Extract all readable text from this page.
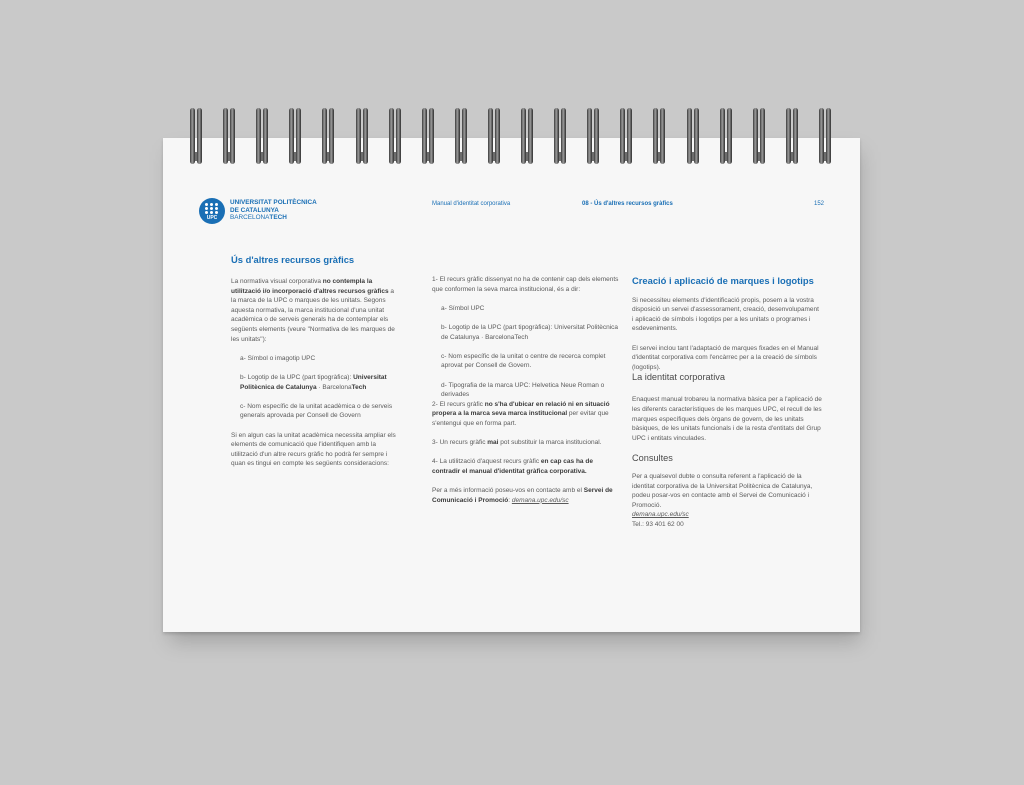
UPC
UNIVERSITAT POLITÈCNICA
DE CATALUNYA
BARCELONATECH
Manual d'identitat corporativa	08 - Ús d'altres recursos gràfics	152

Ús d'altres recursos gràfics

La normativa visual corporativa no contempla la utilització i/o incorporació d'altres recursos gràfics a la marca de la UPC o marques de les unitats. Segons aquesta normativa, la marca institucional d'una unitat acadèmica o de serveis generals ha de contemplar els següents elements (veure "Normativa de les marques de les unitats"):

a- Símbol o imagotip UPC

b- Logotip de la UPC (part tipogràfica): Universitat Politècnica de Catalunya · BarcelonaTech

c- Nom específic de la unitat acadèmica o de serveis generals aprovada per Consell de Govern

Si en algun cas la unitat acadèmica necessita ampliar els elements de comunicació que l'identifiquen amb la utilització d'un altre recurs gràfic ho podrà fer sempre i quan es tingui en compte les següents consideracions:

1- El recurs gràfic dissenyat no ha de contenir cap dels elements que conformen la seva marca institucional, és a dir:

a- Símbol UPC

b- Logotip de la UPC (part tipogràfica): Universitat Politècnica de Catalunya · BarcelonaTech

c- Nom específic de la unitat o centre de recerca complet aprovat per Consell de Govern.

d- Tipografia de la marca UPC: Helvetica Neue Roman o derivades

2- El recurs gràfic no s'ha d'ubicar en relació ni en situació propera a la marca seva marca institucional per evitar que s'entengui que en forma part.

3- Un recurs gràfic mai pot substituir la marca institucional.

4- La utilització d'aquest recurs gràfic en cap cas ha de contradir el manual d'identitat gràfica corporativa.

Per a més informació poseu-vos en contacte amb el Servei de Comunicació i Promoció: demana.upc.edu/sc

Creació i aplicació de marques i logotips

Si necessiteu elements d'identificació propis, posem a la vostra disposició un servei d'assessorament, creació, desenvolupament i aplicació de símbols i logotips per a les unitats o programes i esdeveniments.

El servei inclou tant l'adaptació de marques fixades en el Manual d'identitat corporativa com l'encàrrec per a la creació de símbols (logotips).

La identitat corporativa

Enaquest manual trobareu la normativa bàsica per a l'aplicació de les diferents característiques de les marques UPC, el recull de les marques específiques dels òrgans de govern, de les unitats bàsiques, de les unitats funcionals i de la resta d'entitats del Grup UPC i entitats vinculades.

Consultes

Per a qualsevol dubte o consulta referent a l'aplicació de la identitat corporativa de la Universitat Politècnica de Catalunya, podeu posar-vos en contacte amb el Servei de Comunicació i Promoció.

demana.upc.edu/sc
Tel.: 93 401 62 00
